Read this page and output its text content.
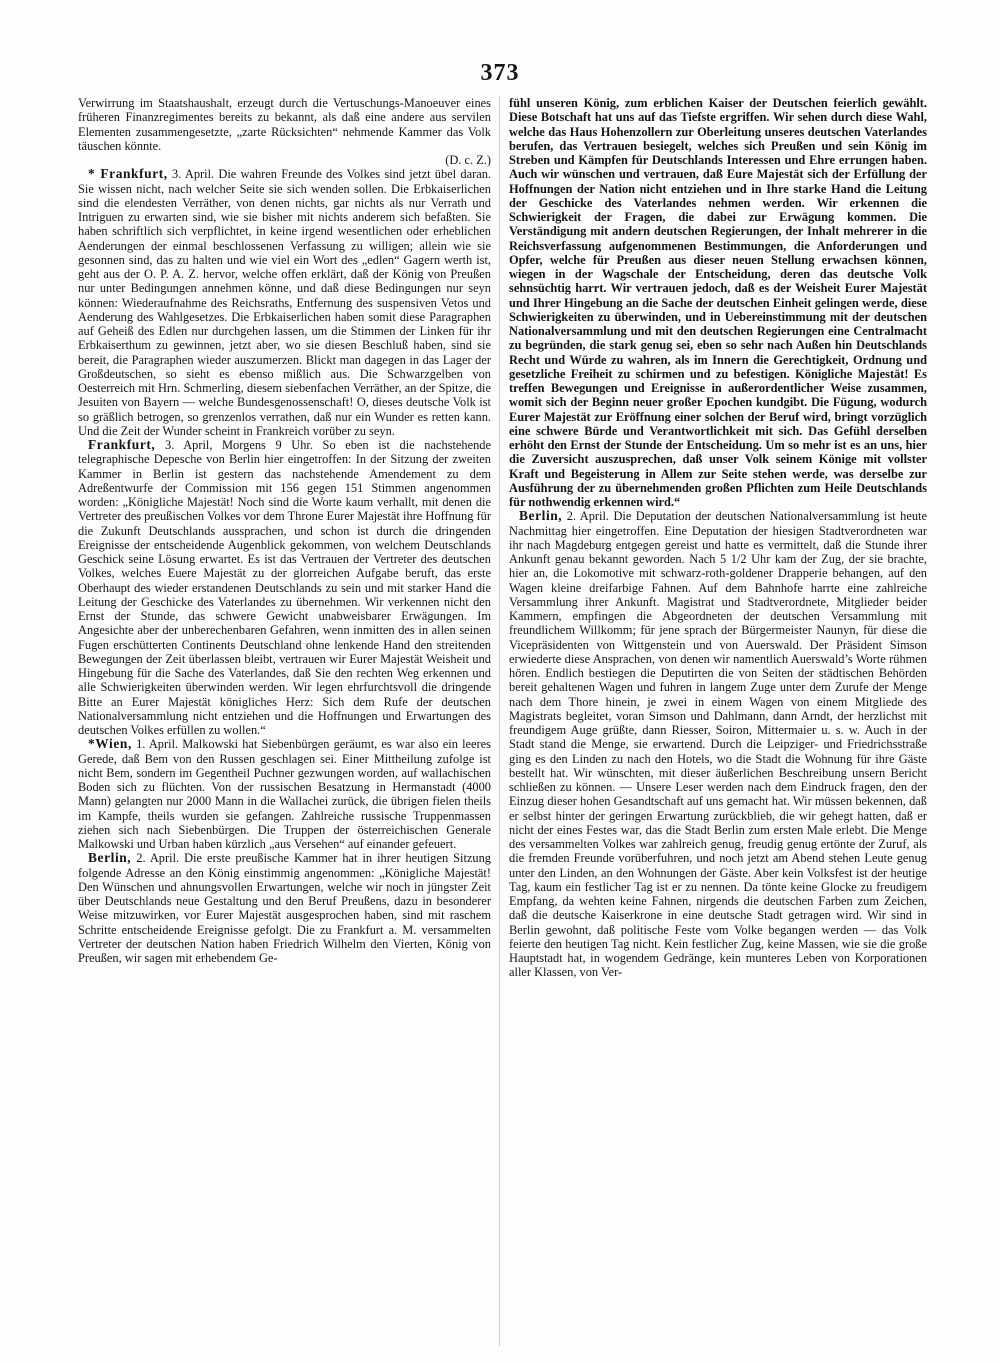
373

Verwirrung im Staatshaushalt, erzeugt durch die Vertuschungs-Manoeuver eines früheren Finanzregimentes bereits zu bekannt, als daß eine andere aus servilen Elementen zusammengesetzte, „zarte Rücksichten“ nehmende Kammer das Volk täuschen könnte.
(D. c. Z.)

* Frankfurt, 3. April. Die wahren Freunde des Volkes sind jetzt übel daran. Sie wissen nicht, nach welcher Seite sie sich wenden sollen. Die Erbkaiserlichen sind die elendesten Verräther, von denen nichts, gar nichts als nur Verrath und Intriguen zu erwarten sind, wie sie bisher mit nichts anderem sich befaßten. Sie haben schriftlich sich verpflichtet, in keine irgend wesentlichen oder erheblichen Aenderungen der einmal beschlossenen Verfassung zu willigen; allein wie sie gesonnen sind, das zu halten und wie viel ein Wort des „edlen“ Gagern werth ist, geht aus der O. P. A. Z. hervor, welche offen erklärt, daß der König von Preußen nur unter Bedingungen annehmen könne, und daß diese Bedingungen nur seyn können: Wiederaufnahme des Reichsraths, Entfernung des suspensiven Vetos und Aenderung des Wahlgesetzes. Die Erbkaiserlichen haben somit diese Paragraphen auf Geheiß des Edlen nur durchgehen lassen, um die Stimmen der Linken für ihr Erbkaiserthum zu gewinnen, jetzt aber, wo sie diesen Beschluß haben, sind sie bereit, die Paragraphen wieder auszumerzen. Blickt man dagegen in das Lager der Großdeutschen, so sieht es ebenso mißlich aus. Die Schwarzgelben von Oesterreich mit Hrn. Schmerling, diesem siebenfachen Verräther, an der Spitze, die Jesuiten von Bayern — welche Bundesgenossenschaft! O, dieses deutsche Volk ist so gräßlich betrogen, so grenzenlos verrathen, daß nur ein Wunder es retten kann. Und die Zeit der Wunder scheint in Frankreich vorüber zu seyn.

Frankfurt, 3. April, Morgens 9 Uhr. So eben ist die nachstehende telegraphische Depesche von Berlin hier eingetroffen: In der Sitzung der zweiten Kammer in Berlin ist gestern das nachstehende Amendement zu dem Adreßentwurfe der Commission mit 156 gegen 151 Stimmen angenommen worden: „Königliche Majestät! Noch sind die Worte kaum verhallt, mit denen die Vertreter des preußischen Volkes vor dem Throne Eurer Majestät ihre Hoffnung für die Zukunft Deutschlands aussprachen, und schon ist durch die dringenden Ereignisse der entscheidende Augenblick gekommen, von welchem Deutschlands Geschick seine Lösung erwartet. Es ist das Vertrauen der Vertreter des deutschen Volkes, welches Euere Majestät zu der glorreichen Aufgabe beruft, das erste Oberhaupt des wieder erstandenen Deutschlands zu sein und mit starker Hand die Leitung der Geschicke des Vaterlandes zu übernehmen. Wir verkennen nicht den Ernst der Stunde, das schwere Gewicht unabweisbarer Erwägungen. Im Angesichte aber der unberechenbaren Gefahren, wenn inmitten des in allen seinen Fugen erschütterten Continents Deutschland ohne lenkende Hand den streitenden Bewegungen der Zeit überlassen bleibt, vertrauen wir Eurer Majestät Weisheit und Hingebung für die Sache des Vaterlandes, daß Sie den rechten Weg erkennen und alle Schwierigkeiten überwinden werden. Wir legen ehrfurchtsvoll die dringende Bitte an Eurer Majestät königliches Herz: Sich dem Rufe der deutschen Nationalversammlung nicht entziehen und die Hoffnungen und Erwartungen des deutschen Volkes erfüllen zu wollen.“

*Wien, 1. April. Malkowski hat Siebenbürgen geräumt, es war also ein leeres Gerede, daß Bem von den Russen geschlagen sei. Einer Mittheilung zufolge ist nicht Bem, sondern im Gegentheil Puchner gezwungen worden, auf wallachischen Boden sich zu flüchten. Von der russischen Besatzung in Hermanstadt (4000 Mann) gelangten nur 2000 Mann in die Wallachei zurück, die übrigen fielen theils im Kampfe, theils wurden sie gefangen. Zahlreiche russische Truppenmassen ziehen sich nach Siebenbürgen. Die Truppen der österreichischen Generale Malkowski und Urban haben kürzlich „aus Versehen“ auf einander gefeuert.

Berlin, 2. April. Die erste preußische Kammer hat in ihrer heutigen Sitzung folgende Adresse an den König einstimmig angenommen: „Königliche Majestät! Den Wünschen und ahnungsvollen Erwartungen, welche wir noch in jüngster Zeit über Deutschlands neue Gestaltung und den Beruf Preußens, dazu in besonderer Weise mitzuwirken, vor Eurer Majestät ausgesprochen haben, sind mit raschem Schritte entscheidende Ereignisse gefolgt. Die zu Frankfurt a. M. versammelten Vertreter der deutschen Nation haben Friedrich Wilhelm den Vierten, König von Preußen, wir sagen mit erhebendem Ge-

fühl unseren König, zum erblichen Kaiser der Deutschen feierlich gewählt. Diese Botschaft hat uns auf das Tiefste ergriffen. Wir sehen durch diese Wahl, welche das Haus Hohenzollern zur Oberleitung unseres deutschen Vaterlandes berufen, das Vertrauen besiegelt, welches sich Preußen und sein König im Streben und Kämpfen für Deutschlands Interessen und Ehre errungen haben. Auch wir wünschen und vertrauen, daß Eure Majestät sich der Erfüllung der Hoffnungen der Nation nicht entziehen und in Ihre starke Hand die Leitung der Geschicke des Vaterlandes nehmen werden. Wir erkennen die Schwierigkeit der Fragen, die dabei zur Erwägung kommen. Die Verständigung mit andern deutschen Regierungen, der Inhalt mehrerer in die Reichsverfassung aufgenommenen Bestimmungen, die Anforderungen und Opfer, welche für Preußen aus dieser neuen Stellung erwachsen können, wiegen in der Wagschale der Entscheidung, deren das deutsche Volk sehnsüchtig harrt. Wir vertrauen jedoch, daß es der Weisheit Eurer Majestät und Ihrer Hingebung an die Sache der deutschen Einheit gelingen werde, diese Schwierigkeiten zu überwinden, und in Uebereinstimmung mit der deutschen Nationalversammlung und mit den deutschen Regierungen eine Centralmacht zu begründen, die stark genug sei, eben so sehr nach Außen hin Deutschlands Recht und Würde zu wahren, als im Innern die Gerechtigkeit, Ordnung und gesetzliche Freiheit zu schirmen und zu befestigen. Königliche Majestät! Es treffen Bewegungen und Ereignisse in außerordentlicher Weise zusammen, womit sich der Beginn neuer großer Epochen kundgibt. Die Fügung, wodurch Eurer Majestät zur Eröffnung einer solchen der Beruf wird, bringt vorzüglich eine schwere Bürde und Verantwortlichkeit mit sich. Das Gefühl derselben erhöht den Ernst der Stunde der Entscheidung. Um so mehr ist es an uns, hier die Zuversicht auszusprechen, daß unser Volk seinem Könige mit vollster Kraft und Begeisterung in Allem zur Seite stehen werde, was derselbe zur Ausführung der zu übernehmenden großen Pflichten zum Heile Deutschlands für nothwendig erkennen wird.“

Berlin, 2. April. Die Deputation der deutschen Nationalversammlung ist heute Nachmittag hier eingetroffen. Eine Deputation der hiesigen Stadtverordneten war ihr nach Magdeburg entgegen gereist und hatte es vermittelt, daß die Stunde ihrer Ankunft genau bekannt geworden. Nach 5 1/2 Uhr kam der Zug, der sie brachte, hier an, die Lokomotive mit schwarz-roth-goldener Drapperie behangen, auf den Wagen kleine dreifarbige Fahnen. Auf dem Bahnhofe harrte eine zahlreiche Versammlung ihrer Ankunft. Magistrat und Stadtverordnete, Mitglieder beider Kammern, empfingen die Abgeordneten der deutschen Versammlung mit freundlichem Willkomm; für jene sprach der Bürgermeister Naunyn, für diese die Vicepräsidenten von Wittgenstein und von Auerswald. Der Präsident Simson erwiederte diese Ansprachen, von denen wir namentlich Auerswald’s Worte rühmen hören. Endlich bestiegen die Deputirten die von Seiten der städtischen Behörden bereit gehaltenen Wagen und fuhren in langem Zuge unter dem Zurufe der Menge nach dem Thore hinein, je zwei in einem Wagen von einem Mitgliede des Magistrats begleitet, voran Simson und Dahlmann, dann Arndt, der herzlichst mit freundigem Auge grüßte, dann Riesser, Soiron, Mittermaier u. s. w. Auch in der Stadt stand die Menge, sie erwartend. Durch die Leipziger- und Friedrichsstraße ging es den Linden zu nach den Hotels, wo die Stadt die Wohnung für ihre Gäste bestellt hat. Wir wünschten, mit dieser äußerlichen Beschreibung unsern Bericht schließen zu können. — Unsere Leser werden nach dem Eindruck fragen, den der Einzug dieser hohen Gesandtschaft auf uns gemacht hat. Wir müssen bekennen, daß er selbst hinter der geringen Erwartung zurückblieb, die wir gehegt hatten, daß er nicht der eines Festes war, das die Stadt Berlin zum ersten Male erlebt. Die Menge des versammelten Volkes war zahlreich genug, freudig genug ertönte der Zuruf, als die fremden Freunde vorüberfuhren, und noch jetzt am Abend stehen Leute genug unter den Linden, an den Wohnungen der Gäste. Aber kein Volksfest ist der heutige Tag, kaum ein festlicher Tag ist er zu nennen. Da tönte keine Glocke zu freudigem Empfang, da wehten keine Fahnen, nirgends die deutschen Farben zum Zeichen, daß die deutsche Kaiserkrone in eine deutsche Stadt getragen wird. Wir sind in Berlin gewohnt, daß politische Feste vom Volke begangen werden — das Volk feierte den heutigen Tag nicht. Kein festlicher Zug, keine Massen, wie sie die große Hauptstadt hat, in wogendem Gedränge, kein munteres Leben von Korporationen aller Klassen, von Ver-
